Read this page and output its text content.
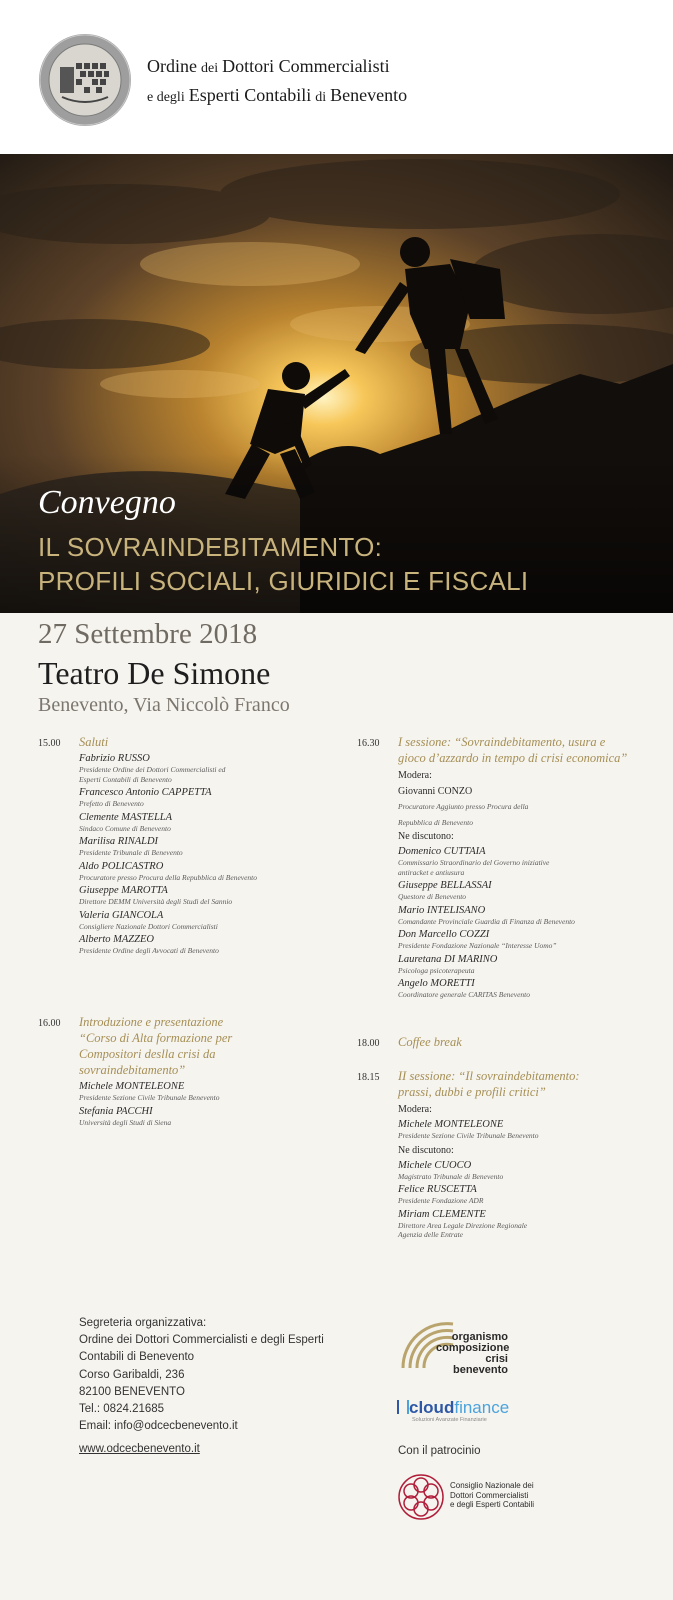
Ordine dei Dottori Commercialisti
e degli Esperti Contabili di Benevento
Convegno
IL SOVRAINDEBITAMENTO:
PROFILI SOCIALI, GIURIDICI E FISCALI
27 Settembre 2018
Teatro De Simone
Benevento, Via Niccolò Franco
15.00 Saluti
Fabrizio RUSSO
Presidente Ordine dei Dottori Commercialisti ed
Esperti Contabili di Benevento
Francesco Antonio CAPPETTA
Prefetto di Benevento
Clemente MASTELLA
Sindaco Comune di Benevento
Marilisa RINALDI
Presidente Tribunale di Benevento
Aldo POLICASTRO
Procuratore presso Procura della Repubblica di Benevento
Giuseppe MAROTTA
Direttore DEMM Università degli Studi del Sannio
Valeria GIANCOLA
Consigliere Nazionale Dottori Commercialisti
Alberto MAZZEO
Presidente Ordine degli Avvocati di Benevento
16.00 Introduzione e presentazione
“Corso di Alta formazione per
Compositori deslla crisi da
sovraindebitamento”
Michele MONTELEONE
Presidente Sezione Civile Tribunale Benevento
Stefania PACCHI
Università degli Studi di Siena
16.30 I sessione: “Sovraindebitamento, usura e
gioco d’azzardo in tempo di crisi economica”
Modera:
Giovanni CONZO
Procuratore Aggiunto presso Procura della
Repubblica di Benevento
Ne discutono:
Domenico CUTTAIA
Commissario Straordinario del Governo iniziative
antiracket e antiusura
Giuseppe BELLASSAI
Questore di Benevento
Mario INTELISANO
Comandante Provinciale Guardia di Finanza di Benevento
Don Marcello COZZI
Presidente Fondazione Nazionale “Interesse Uomo”
Lauretana DI MARINO
Psicologa psicoterapeuta
Angelo MORETTI
Coordinatore generale CARITAS Benevento
18.00 Coffee break
18.15 II sessione: “Il sovraindebitamento:
prassi, dubbi e profili critici”
Modera:
Michele MONTELEONE
Presidente Sezione Civile Tribunale Benevento
Ne discutono:
Michele CUOCO
Magistrato Tribunale di Benevento
Felice RUSCETTA
Presidente Fondazione ADR
Miriam CLEMENTE
Direttore Area Legale Direzione Regionale
Agenzia delle Entrate
Segreteria organizzativa:
Ordine dei Dottori Commercialisti e degli Esperti
Contabili di Benevento
Corso Garibaldi, 236
82100 BENEVENTO
Tel.: 0824.21685
Email: info@odcecbenevento.it
www.odcecbenevento.it
organismo
composizione
crisi benevento
cloudfinance
Soluzioni Avanzate Finanziarie
Con il patrocinio
Consiglio Nazionale dei
Dottori Commercialisti
e degli Esperti Contabili
